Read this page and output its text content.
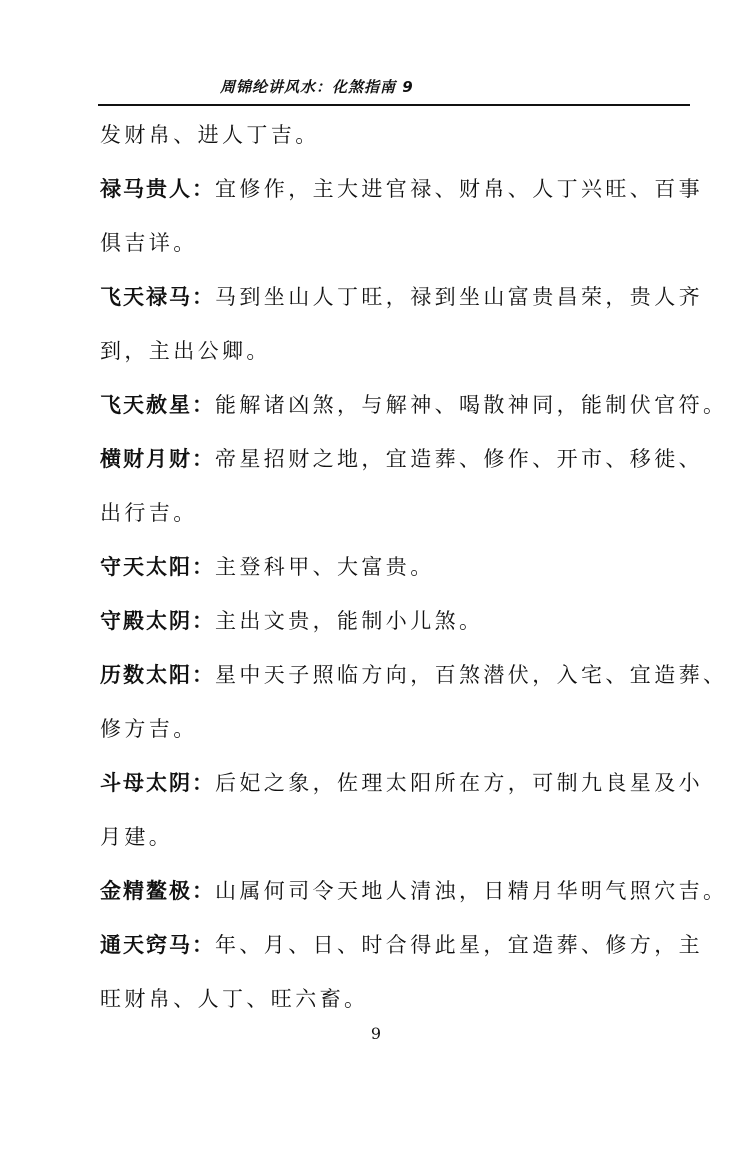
周锦纶讲风水：化煞指南 9
发财帛、进人丁吉。
禄马贵人：宜修作，主大进官禄、财帛、人丁兴旺、百事
俱吉详。
飞天禄马：马到坐山人丁旺，禄到坐山富贵昌荣，贵人齐
到，主出公卿。
飞天赦星：能解诸凶煞，与解神、喝散神同，能制伏官符。
横财月财：帝星招财之地，宜造葬、修作、开市、移徙、
出行吉。
守天太阳：主登科甲、大富贵。
守殿太阴：主出文贵，能制小儿煞。
历数太阳：星中天子照临方向，百煞潜伏，入宅、宜造葬、
修方吉。
斗母太阴：后妃之象，佐理太阳所在方，可制九良星及小
月建。
金精鳌极：山属何司令天地人清浊，日精月华明气照穴吉。
通天窍马：年、月、日、时合得此星，宜造葬、修方，主
旺财帛、人丁、旺六畜。
9
